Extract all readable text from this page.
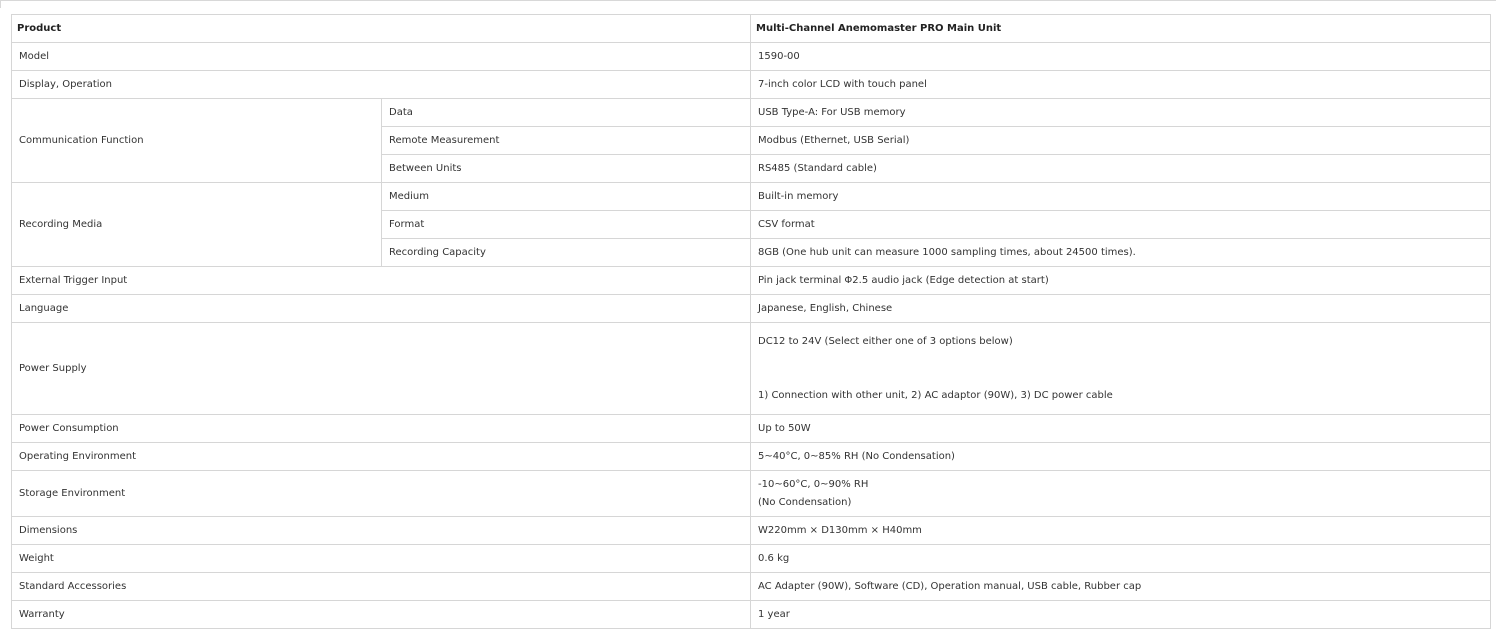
Product		Multi-Channel Anemomaster PRO Main Unit
Model		1590-00
Display, Operation		7-inch color LCD with touch panel
Communication Function	Data	USB Type-A: For USB memory
	Remote Measurement	Modbus (Ethernet, USB Serial)
	Between Units	RS485 (Standard cable)
Recording Media	Medium	Built-in memory
	Format	CSV format
	Recording Capacity	8GB (One hub unit can measure 1000 sampling times, about 24500 times).
External Trigger Input		Pin jack terminal Φ2.5 audio jack (Edge detection at start)
Language		Japanese, English, Chinese
Power Supply		DC12 to 24V (Select either one of 3 options below)
1) Connection with other unit, 2) AC adaptor (90W), 3) DC power cable

Power Consumption		Up to 50W
Operating Environment		5~40°C, 0~85% RH (No Condensation)
Storage Environment		-10~60°C, 0~90% RH
(No Condensation)

Dimensions		W220mm × D130mm × H40mm
Weight		0.6 kg
Standard Accessories		AC Adapter (90W), Software (CD), Operation manual, USB cable, Rubber cap
Warranty		1 year
